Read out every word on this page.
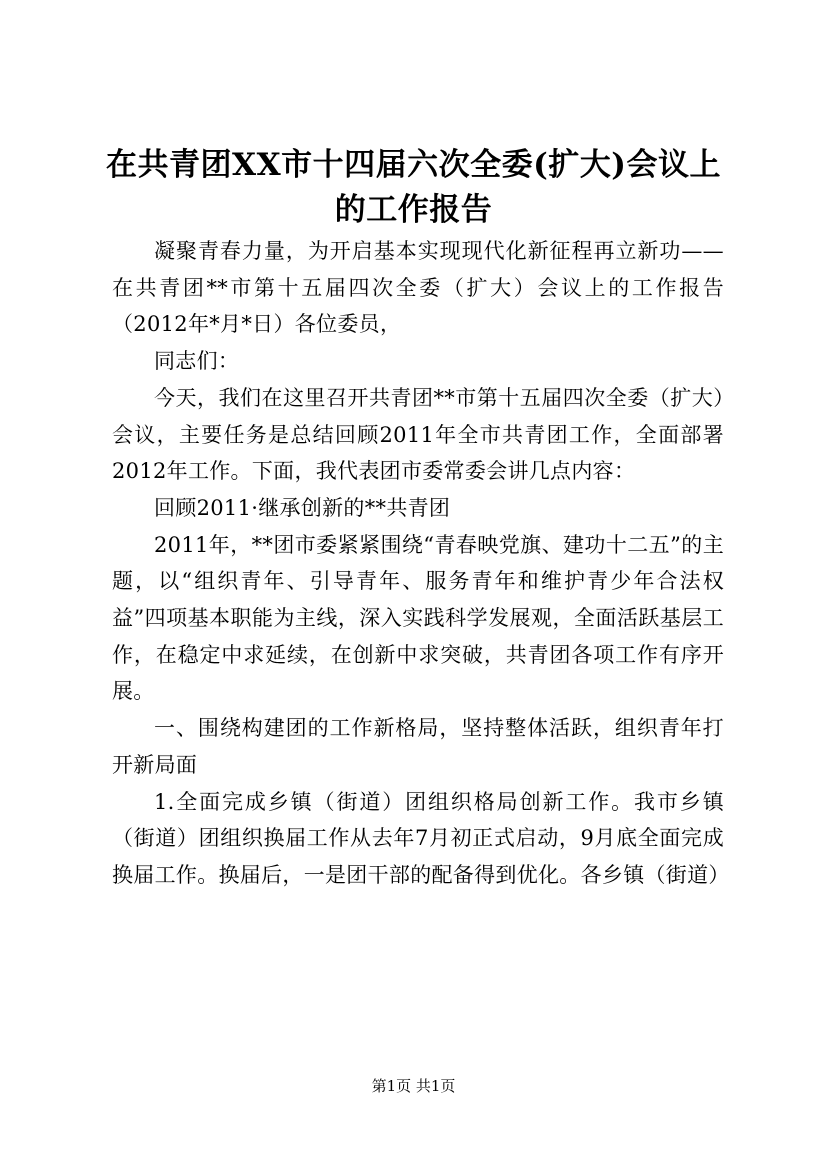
在共青团XX市十四届六次全委(扩大)会议上的工作报告

凝聚青春力量，为开启基本实现现代化新征程再立新功——在共青团**市第十五届四次全委（扩大）会议上的工作报告（2012年*月*日）各位委员，

同志们：

今天，我们在这里召开共青团**市第十五届四次全委（扩大）会议，主要任务是总结回顾2011年全市共青团工作，全面部署2012年工作。下面，我代表团市委常委会讲几点内容：

回顾2011·继承创新的**共青团

2011年，**团市委紧紧围绕“青春映党旗、建功十二五”的主题，以“组织青年、引导青年、服务青年和维护青少年合法权益”四项基本职能为主线，深入实践科学发展观，全面活跃基层工作，在稳定中求延续，在创新中求突破，共青团各项工作有序开展。

一、围绕构建团的工作新格局，坚持整体活跃，组织青年打开新局面

1.全面完成乡镇（街道）团组织格局创新工作。我市乡镇（街道）团组织换届工作从去年7月初正式启动，9月底全面完成换届工作。换届后，一是团干部的配备得到优化。各乡镇（街道）

第1页 共1页
